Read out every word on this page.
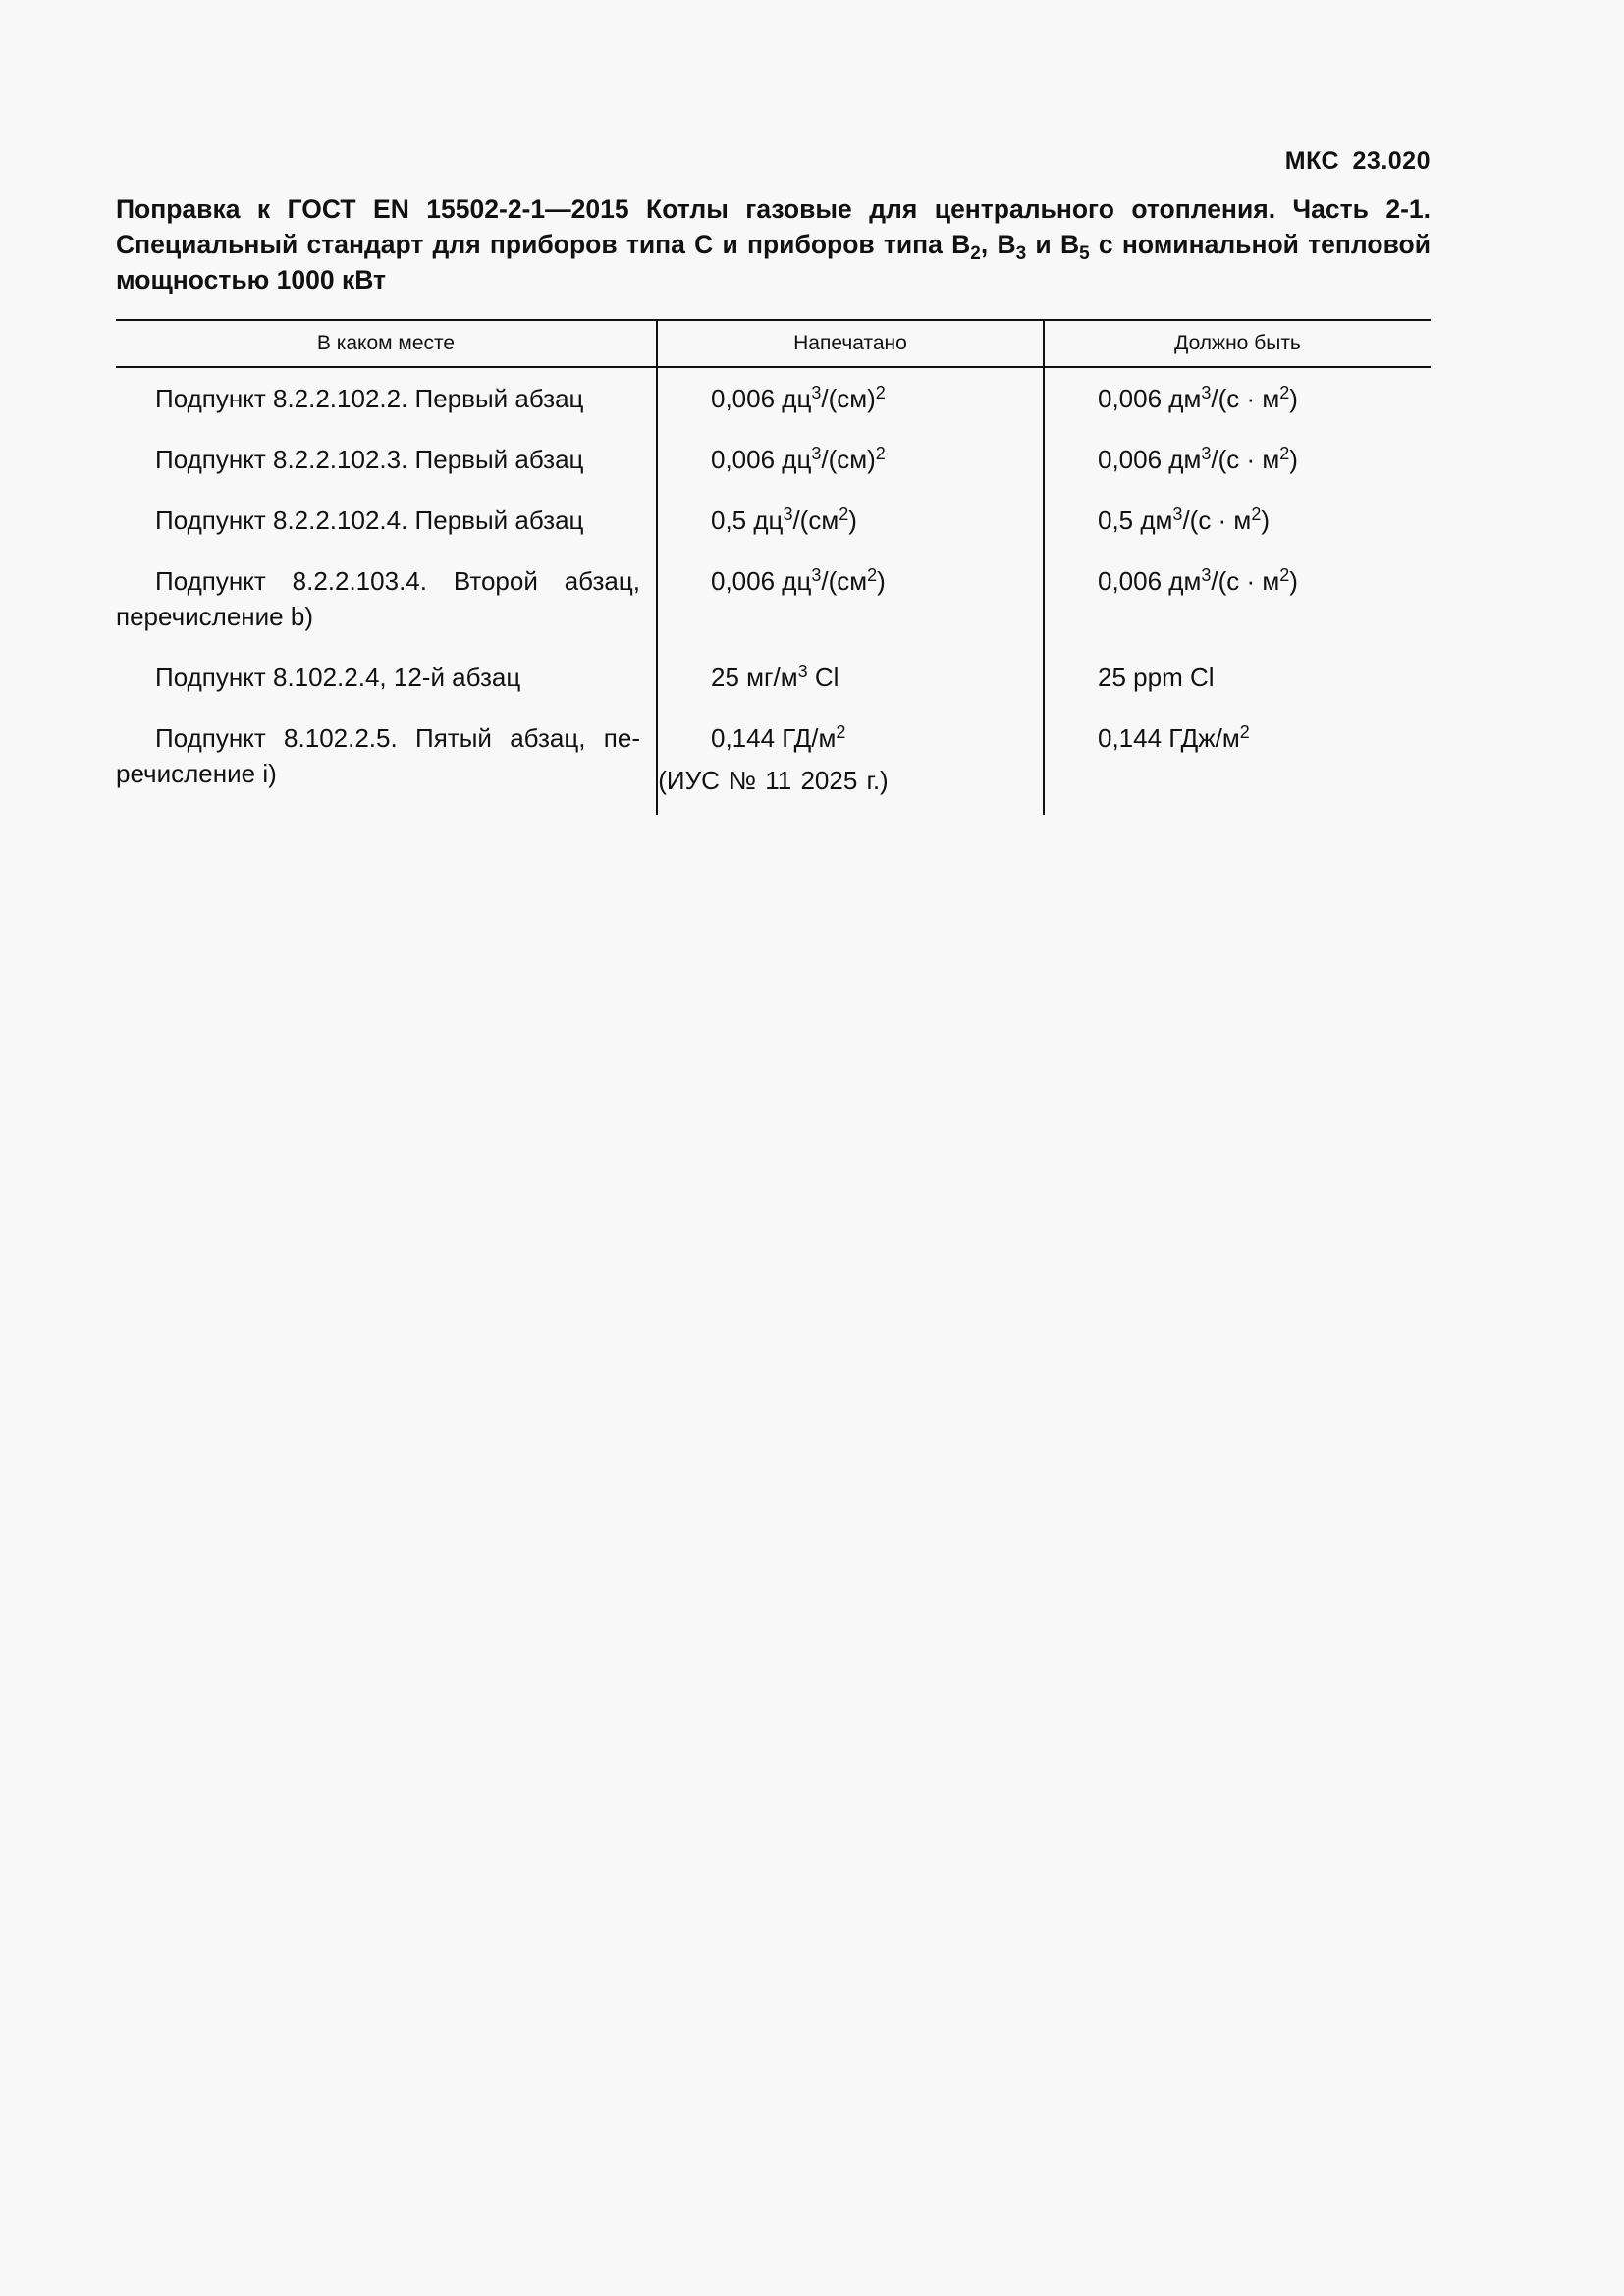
МКС 23.020
Поправка к ГОСТ EN 15502-2-1—2015 Котлы газовые для центрального отопления. Часть 2-1.
Специальный стандарт для приборов типа С и приборов типа $В_2$, $В_3$ и $В_5$ с номинальной тепловой
мощностью 1000 кВт
В каком месте	Напечатано	Должно быть
Подпункт 8.2.2.102.2. Первый абзац	0,006 $дц^3/(см)^2$	0,006 $дм^3/(с \cdot м^2)$
Подпункт 8.2.2.102.3. Первый абзац	0,006 $дц^3/(см)^2$	0,006 $дм^3/(с \cdot м^2)$
Подпункт 8.2.2.102.4. Первый абзац	0,5 $дц^3/(см^2)$	0,5 $дм^3/(с \cdot м^2)$
Подпункт 8.2.2.103.4. Второй абзац, перечисление b)	0,006 $дц^3/(см^2)$	0,006 $дм^3/(с \cdot м^2)$
Подпункт 8.102.2.4, 12-й абзац	25 $мг/м^3$ Cl	25 ppm Cl
Подпункт 8.102.2.5. Пятый абзац, перечисление i)	0,144 $ГД/м^2$	0,144 ГДж/$м^2$
(ИУС № 11 2025 г.)
